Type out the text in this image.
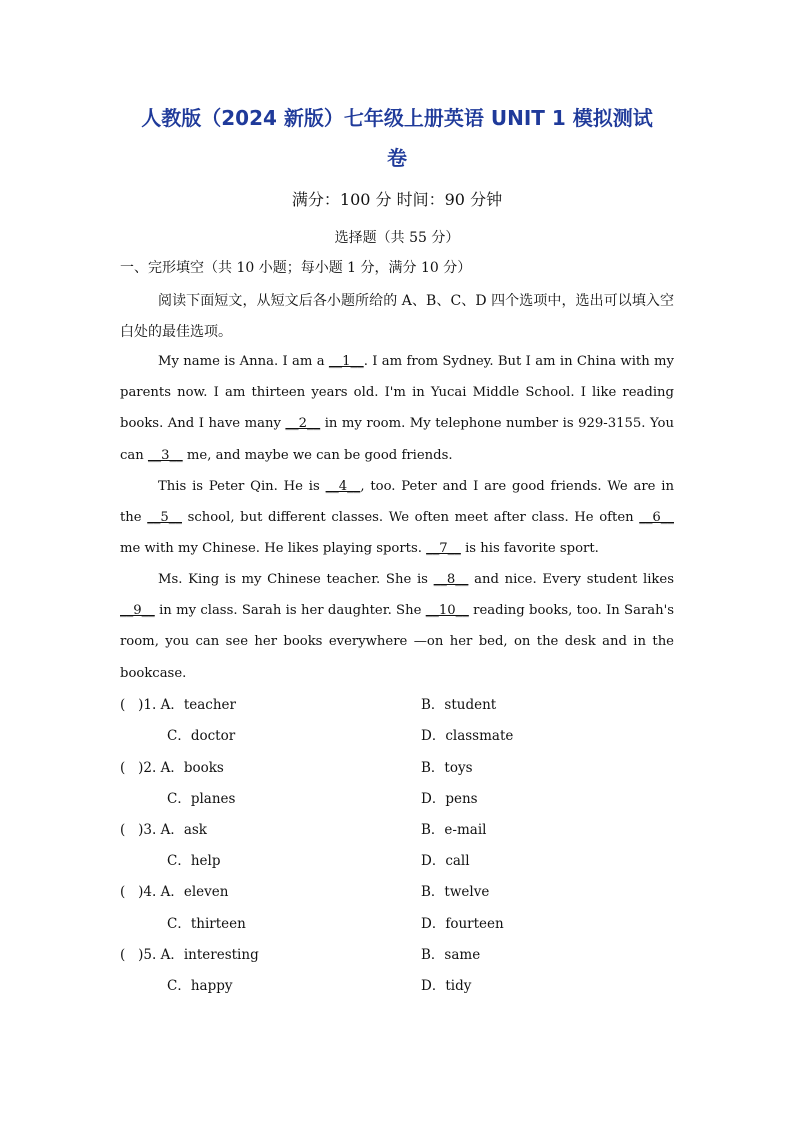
人教版（2024 新版）七年级上册英语 UNIT 1 模拟测试
卷
满分：100 分 时间：90 分钟
选择题（共 55 分）
一、完形填空（共 10 小题；每小题 1 分，满分 10 分）
阅读下面短文，从短文后各小题所给的 A、B、C、D 四个选项中，选出可以填入空白处的最佳选项。
My name is Anna. I am a __1__. I am from Sydney. But I am in China with my parents now. I am thirteen years old. I'm in Yucai Middle School. I like reading books. And I have many __2__ in my room. My telephone number is 929-3155. You can __3__ me, and maybe we can be good friends.
This is Peter Qin. He is __4__, too. Peter and I are good friends. We are in the __5__ school, but different classes. We often meet after class. He often __6__ me with my Chinese. He likes playing sports. __7__ is his favorite sport.
Ms. King is my Chinese teacher. She is __8__ and nice. Every student likes __9__ in my class. Sarah is her daughter. She __10__ reading books, too. In Sarah's room, you can see her books everywhere —on her bed, on the desk and in the bookcase.
(   )1. A．teacher	B．student
C．doctor	D．classmate
(   )2. A．books	B．toys
C．planes	D．pens
(   )3. A．ask	B．e-mail
C．help	D．call
(   )4. A．eleven	B．twelve
C．thirteen	D．fourteen
(   )5. A．interesting	B．same
C．happy	D．tidy
